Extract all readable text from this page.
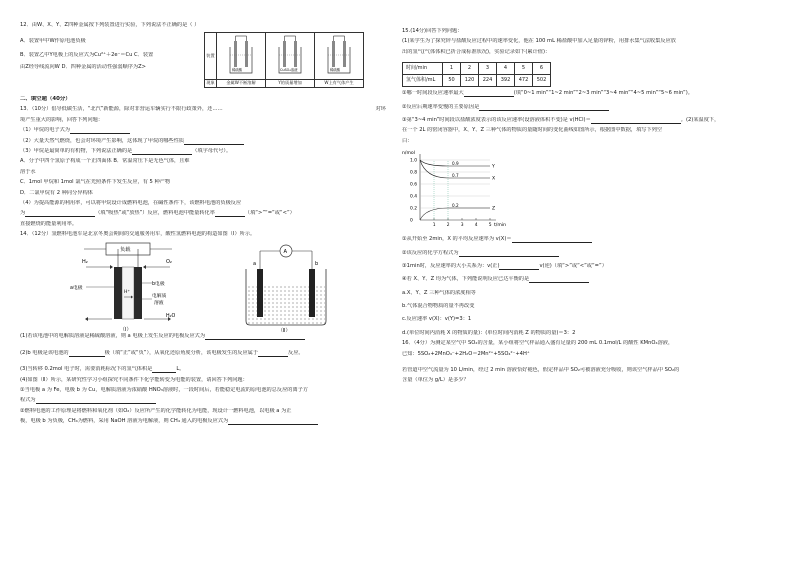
12．由W、X、Y、Z四种金属按下列装置进行实验，下列说法不正确的是（ ）
A．装置甲中W作原电池负极
B．装置乙中Y电极上的反应式为Cu²⁺＋2e⁻＝Cu C．装置
由Z经导线流向W D．四种金属的活动性强弱顺序为Z>
装置	稀硫酸	CuSO₄溶液	稀硫酸

现象	金属W不断溶解	Y的质量增加	W上有气体产生
二、填空题（40分）
13．（10分）倡导低碳生活，“北汽”新能源，除对非营运车辆实行不限行政策外，还……	对环
境产生重大的影响，回答下列问题：
（1）甲烷的电子式为
（2）大量天然气燃烧，也会对环境产生影响，这体现了甲烷的哪些性质
（3）甲烷是最简单的有机物，下列说法正确的是	（填字母代号）。
A．分子中四个氢原子构成一个正四面体 B．常温常压下是无色气体，且难
溶于水
C．1mol 甲烷和 1mol 氯气在光照条件下发生反应，有 5 种产物
D．二氯甲烷有 2 种同分异构体
（4）为提高能源的利用率，可以将甲烷设计成燃料电池，在碱性条件下，该燃料电池的负极反应
为	（填“吸热”或“放热”）反应，燃料电池中能量转化率	（填“>”“=”或“<”）
直接燃烧的能量利用率。
14．（12分）氢燃料电池车是北京冬奥会期间的交通服务用车，酸性氢燃料电池的构造如图（Ⅰ）所示。
负载
H₂	O₂
H⁺
a电极
b电极
电解质
溶液
H₂O
（Ⅰ）
A
a	b
（Ⅱ）
(1)若该电池中的电解质溶液是稀硫酸溶液，则 a 电极上发生反应的电极反应式为
(2)b 电极是该电池的	极（填“正”或“负”），从氧化还原角度分析，该电极发生的反应属于	反应。
(3)当转移 0.2mol 电子时，需要消耗标况下的氢气体积是	L。
(4)如图（Ⅱ）所示，某研究性学习小组探究不同条件下化学能转变为电能的装置，请回答下列问题：
①当电极 a 为 Fe，电极 b 为 Cu，电解质溶液为浓硝酸 HNO₃溶液时，一段时间后，若能稳定电流的原电池的总反应的离子方
程式为
②燃料电池的工作原理是将燃料和氧化剂（如O₂）反应所产生的化学能转化为电能，现设计一燃料电池，以电极 a 为正
极，电极 b 为负极，CH₄为燃料，采用 NaOH 溶液为电解液，则 CH₄ 通入的电极反应式为
15.(14分)回答下列问题：
(1)某学生为了探究锌与盐酸反应过程中的速率变化，他在 100 mL 稀盐酸中加入足量的锌粉，用排水集气法收集反应放
出的氢气(气体体积已折合成标准状况)，实验记录如下(累计值)：
时间/min	1	2	3	4	5	6
氢气体积/mL	50	120	224	392	472	502
①哪一时间段反应速率最大	(填“0~1 min”“1~2 min”“2~3 min”“3~4 min”“4~5 min”“5~6 min”)。
②反应后期速率变慢的主要原因是
③第“3~4 min”时间段以盐酸浓度表示的该反应速率(设溶液体积不变)是 v(HCl)＝	。(2)某温度下，
在一个 2L 的密闭容器中，X、Y、Z 三种气体的物质的量随时间的变化曲线如图所示，根据图中数据，填写下列空
白：
n/mol
t/min
1.0
0.8
0.6
0.4
0.2
0
1	2	3	4	5
Y
0.9
X
0.7
Z
0.2
①从开始至 2min，X 的平均反应速率为 v(X)＝
②该反应的化学方程式为
③1min时，反应速率的大小关系为：v(正)	v(逆)（填“>”或“<”或“=”）
④若 X、Y、Z 均为气体，下列能说明反应已达平衡的是
a.X、Y、Z 三种气体的浓度相等
b.气体混合物物质的量不再改变
c.反应速率 v(X)：v(Y)=3：1
d.(单位时间内消耗 X 的物质的量)：(单位时间内消耗 Z 的物质的量)＝3：2
16．（4分）为测定某空气中 SO₂的含量，某小组将空气样品通入盛有足量的 200 mL 0.1mol/L 的酸性 KMnO₄溶液，
已知：5SO₂+2MnO₄⁻+2H₂O＝2Mn²⁺+5SO₄²⁻+4H⁺
若管道中空气流量为 10 L/min，经过 2 min 溶液恰好褪色，假定样品中 SO₂可被溶液充分吸收，则该空气样品中 SO₂的
含量（单位为 g/L）是多少？
